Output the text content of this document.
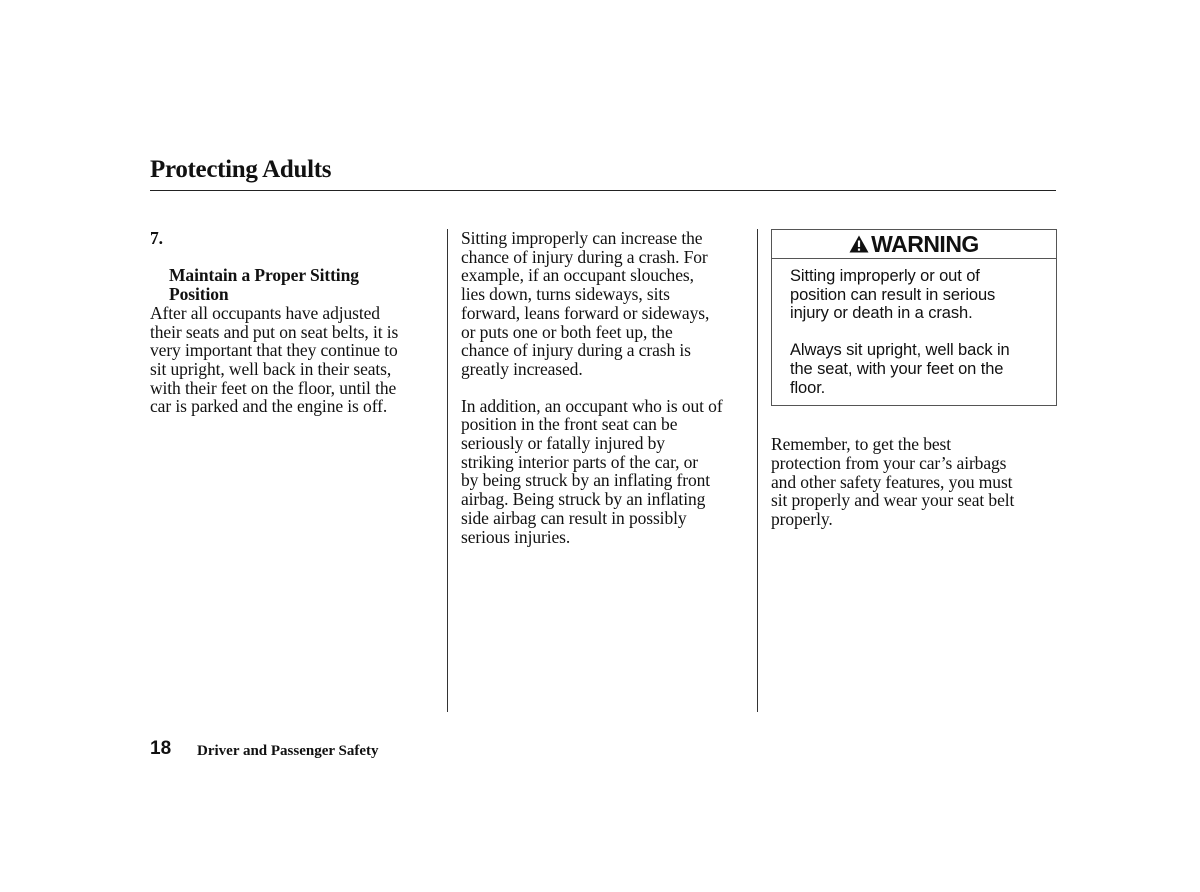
Protecting Adults

7.

Maintain a Proper Sitting
Position

After all occupants have adjusted
their seats and put on seat belts, it is
very important that they continue to
sit upright, well back in their seats,
with their feet on the floor, until the
car is parked and the engine is off.

Sitting improperly can increase the
chance of injury during a crash. For
example, if an occupant slouches,
lies down, turns sideways, sits
forward, leans forward or sideways,
or puts one or both feet up, the
chance of injury during a crash is
greatly increased.

In addition, an occupant who is out of
position in the front seat can be
seriously or fatally injured by
striking interior parts of the car, or
by being struck by an inflating front
airbag. Being struck by an inflating
side airbag can result in possibly
serious injuries.

WARNING

Sitting improperly or out of
position can result in serious
injury or death in a crash.

Always sit upright, well back in
the seat, with your feet on the
floor.

Remember, to get the best
protection from your car’s airbags
and other safety features, you must
sit properly and wear your seat belt
properly.

18 Driver and Passenger Safety
